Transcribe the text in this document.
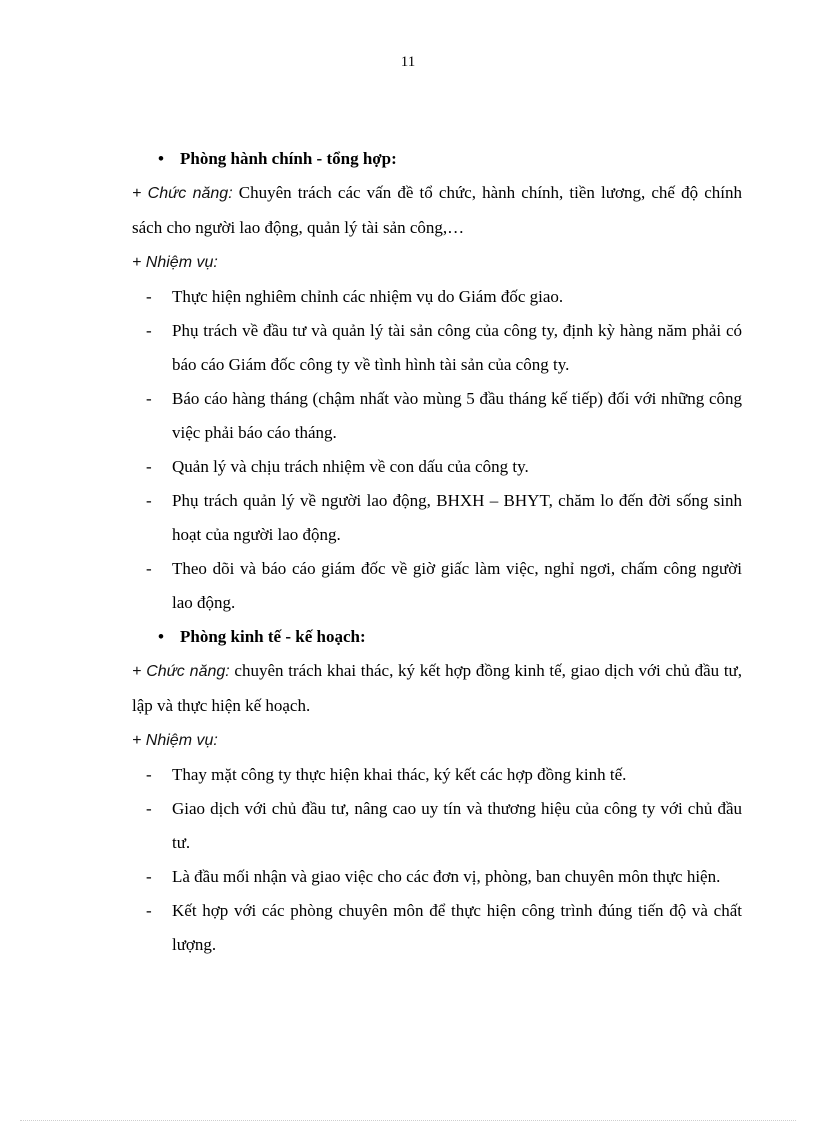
11
• Phòng hành chính - tổng hợp:
+ Chức năng: Chuyên trách các vấn đề tổ chức, hành chính, tiền lương, chế độ chính sách cho người lao động, quản lý tài sản công,…
+ Nhiệm vụ:
- Thực hiện nghiêm chỉnh các nhiệm vụ do Giám đốc giao.
- Phụ trách về đầu tư và quản lý tài sản công của công ty, định kỳ hàng năm phải có báo cáo Giám đốc công ty về tình hình tài sản của công ty.
- Báo cáo hàng tháng (chậm nhất vào mùng 5 đầu tháng kế tiếp) đối với những công việc phải báo cáo tháng.
- Quản lý và chịu trách nhiệm về con dấu của công ty.
- Phụ trách quản lý về người lao động, BHXH – BHYT, chăm lo đến đời sống sinh hoạt của người lao động.
- Theo dõi và báo cáo giám đốc về giờ giấc làm việc, nghỉ ngơi, chấm công người lao động.
• Phòng kinh tế - kế hoạch:
+ Chức năng: chuyên trách khai thác, ký kết hợp đồng kinh tế, giao dịch với chủ đầu tư, lập và thực hiện kế hoạch.
+ Nhiệm vụ:
- Thay mặt công ty thực hiện khai thác, ký kết các hợp đồng kinh tế.
- Giao dịch với chủ đầu tư, nâng cao uy tín và thương hiệu của công ty với chủ đầu tư.
- Là đầu mối nhận và giao việc cho các đơn vị, phòng, ban chuyên môn thực hiện.
- Kết hợp với các phòng chuyên môn để thực hiện công trình đúng tiến độ và chất lượng.
